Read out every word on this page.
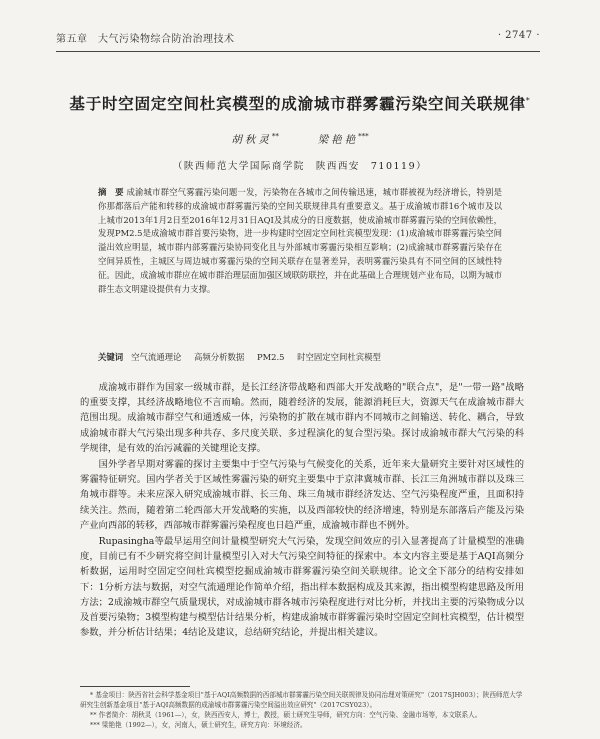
第五章　大气污染物综合防治治理技术	· 2747 ·
基于时空固定空间杜宾模型的成渝城市群雾霾污染空间关联规律*
胡秋灵**	梁艳艳***
（陕西师范大学国际商学院　陕西西安　710119）
摘　要 成渝城市群空气雾霾污染问题一发，污染物在各城市之间传输迅速，城市群被视为经济增长，特别是你那都落后产能和转移的成渝城市群雾霾污染的空间关联规律具有重要意义。基于成渝城市群16个城市及以上城市2013年1月2日至2016年12月31日AQI及其成分的日度数据，使成渝城市群雾霾污染的空间依赖性，发现PM2.5是成渝城市群首要污染物，进一步构建时空固定空间杜宾模型发现：(1)成渝城市群雾霾污染空间溢出效应明显，城市群内部雾霾污染协同变化且与外部城市雾霾污染相互影响；(2)成渝城市群雾霾污染存在空间异质性，主城区与周边城市雾霾污染的空间关联存在显著差异，表明雾霾污染具有不同空间的区域性特征。因此，成渝城市群应在城市群治理层面加强区域联防联控，并在此基础上合理规划产业布局，以期为城市群生态文明建设提供有力支撑。
关键词 空气流通理论 高频分析数据 PM2.5 时空固定空间杜宾模型

成渝城市群作为国家一级城市群，是长江经济带战略和西部大开发战略的"联合点"，是"一带一路"战略的重要支撑，其经济战略地位不言而喻。然而，随着经济的发展，能源消耗巨大，资源天气在成渝城市群大范围出现。成渝城市群空气和通透威一体，污染物的扩散在城市群内不同城市之间输送、转化、耦合，导致成渝城市群大气污染出现多种共存、多尺度关联、多过程演化的复合型污染。探讨成渝城市群大气污染的科学规律，是有效的治污减霾的关键理论支撑。

国外学者早期对雾霾的探讨主要集中于空气污染与气候变化的关系，近年来大量研究主要针对区域性的雾霾特征研究。国内学者关于区域性雾霾污染的研究主要集中于京津冀城市群、长江三角洲城市群以及珠三角城市群等。未来应深入研究成渝城市群、长三角、珠三角城市群经济发达、空气污染程度严重，且面积持续关注。然而，随着第二轮西部大开发战略的实施，以及西部较快的经济增速，特别是东部落后产能及污染产业向西部的转移，西部城市群雾霾污染程度也日趋严重，成渝城市群也不例外。

Rupasingha等最早运用空间计量模型研究大气污染，发现空间效应的引入显著提高了计量模型的准确度，目前已有不少研究将空间计量模型引入对大气污染空间特征的探索中。本文内容主要是基于AQI高频分析数据，运用时空固定空间杜宾模型挖掘成渝城市群雾霾污染空间关联规律。论文全下部分的结构安排如下：1分析方法与数据，对空气流通理论作简单介绍，指出样本数据构成及其来源，指出模型构建思路及所用方法；2成渝城市群空气质量现状，对成渝城市群各城市污染程度进行对比分析，并找出主要的污染物成分以及首要污染物；3模型构建与模型估计结果分析，构建成渝城市群雾霾污染时空固定空间杜宾模型，估计模型参数，并分析估计结果；4结论及建议，总结研究结论，并提出相关建议。

* 基金项目：陕西省社会科学基金项目"基于AQI高频数据的西部城市群雾霾污染空间关联规律及协同治理对策研究"（2017SJH003）；陕西师范大学研究生创新基金项目"基于AQI高频数据的成渝城市群雾霾污染空间溢出效应研究"（2017CSY023）。

** 作者简介：胡秋灵（1961—），女，陕西西安人，博士，教授，硕士研究生导师，研究方向：空气污染、金融市场等，本文联系人。

*** 梁艳艳（1992—），女，河南人，硕士研究生，研究方向：环境经济。
